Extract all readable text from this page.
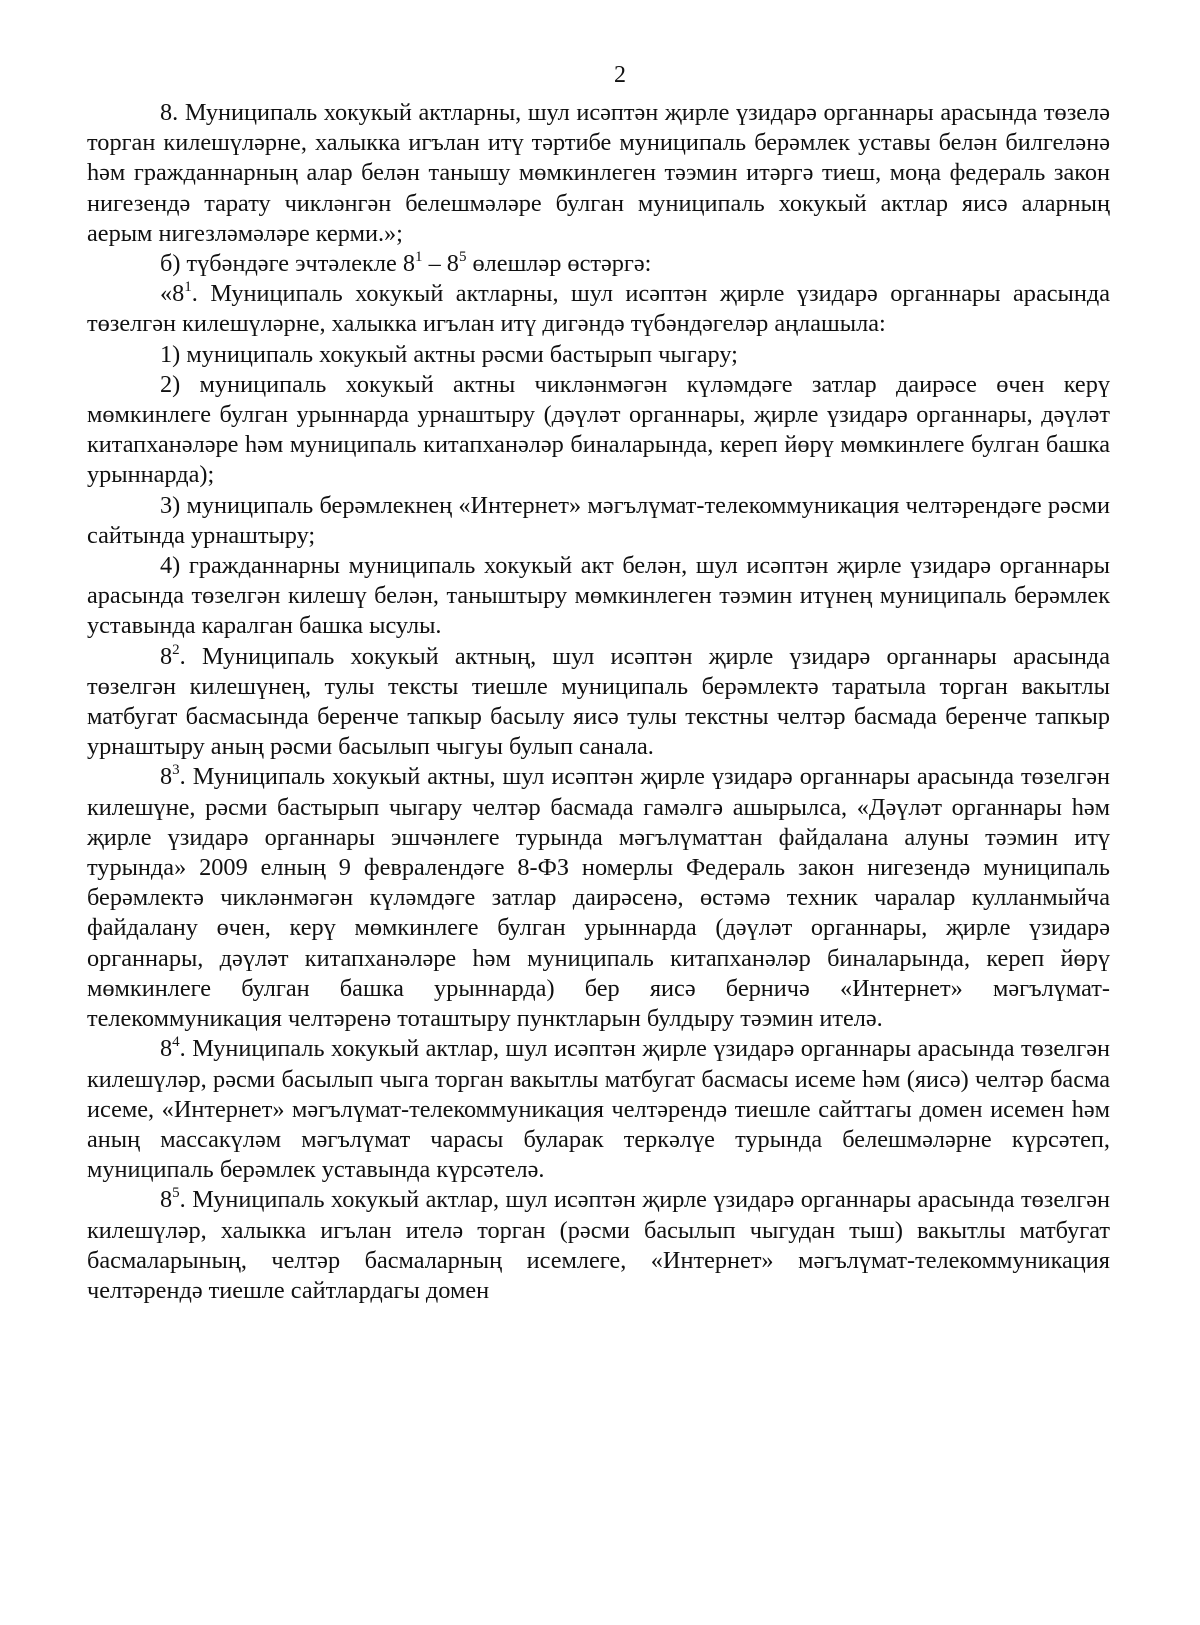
2

8. Муниципаль хокукый актларны, шул исәптән җирле үзидарә органнары арасында төзелә торган килешүләрне, халыкка игълан итү тәртибе муниципаль берәмлек уставы белән билгеләнә һәм гражданнарның алар белән танышу мөмкинлеген тәэмин итәргә тиеш, моңа федераль закон нигезендә тарату чикләнгән белешмәләре булган муниципаль хокукый актлар яисә аларның аерым нигезләмәләре керми.»;

б) түбәндәге эчтәлекле $8^1 - 8^5$ өлешләр өстәргә:

«$8^1$. Муниципаль хокукый актларны, шул исәптән җирле үзидарә органнары арасында төзелгән килешүләрне, халыкка игълан итү дигәндә түбәндәгеләр аңлашыла:

1) муниципаль хокукый актны рәсми бастырып чыгару;

2) муниципаль хокукый актны чикләнмәгән күләмдәге затлар даирәсе өчен керү мөмкинлеге булган урыннарда урнаштыру (дәүләт органнары, җирле үзидарә органнары, дәүләт китапханәләре һәм муниципаль китапханәләр биналарында, кереп йөрү мөмкинлеге булган башка урыннарда);

3) муниципаль берәмлекнең «Интернет» мәгълүмат-телекоммуникация челтәрендәге рәсми сайтында урнаштыру;

4) гражданнарны муниципаль хокукый акт белән, шул исәптән җирле үзидарә органнары арасында төзелгән килешү белән, таныштыру мөмкинлеген тәэмин итүнең муниципаль берәмлек уставында каралган башка ысулы.

$8^2$. Муниципаль хокукый актның, шул исәптән җирле үзидарә органнары арасында төзелгән килешүнең, тулы тексты тиешле муниципаль берәмлектә таратыла торган вакытлы матбугат басмасында беренче тапкыр басылу яисә тулы текстны челтәр басмада беренче тапкыр урнаштыру аның рәсми басылып чыгуы булып санала.

$8^3$. Муниципаль хокукый актны, шул исәптән җирле үзидарә органнары арасында төзелгән килешүне, рәсми бастырып чыгару челтәр басмада гамәлгә ашырылса, «Дәүләт органнары һәм җирле үзидарә органнары эшчәнлеге турында мәгълүматтан файдалана алуны тәэмин итү турында» 2009 елның 9 февралендәге 8-ФЗ номерлы Федераль закон нигезендә муниципаль берәмлектә чикләнмәгән күләмдәге затлар даирәсенә, өстәмә техник чаралар кулланмыйча файдалану өчен, керү мөмкинлеге булган урыннарда (дәүләт органнары, җирле үзидарә органнары, дәүләт китапханәләре һәм муниципаль китапханәләр биналарында, кереп йөрү мөмкинлеге булган башка урыннарда) бер яисә берничә «Интернет» мәгълүмат-телекоммуникация челтәренә тоташтыру пунктларын булдыру тәэмин ителә.

$8^4$. Муниципаль хокукый актлар, шул исәптән җирле үзидарә органнары арасында төзелгән килешүләр, рәсми басылып чыга торган вакытлы матбугат басмасы исеме һәм (яисә) челтәр басма исеме, «Интернет» мәгълүмат-телекоммуникация челтәрендә тиешле сайттагы домен исемен һәм аның массакүләм мәгълүмат чарасы буларак теркәлүе турында белешмәләрне күрсәтеп, муниципаль берәмлек уставында күрсәтелә.

$8^5$. Муниципаль хокукый актлар, шул исәптән җирле үзидарә органнары арасында төзелгән килешүләр, халыкка игълан ителә торган (рәсми басылып чыгудан тыш) вакытлы матбугат басмаларының, челтәр басмаларның исемлеге, «Интернет» мәгълүмат-телекоммуникация челтәрендә тиешле сайтлардагы домен
